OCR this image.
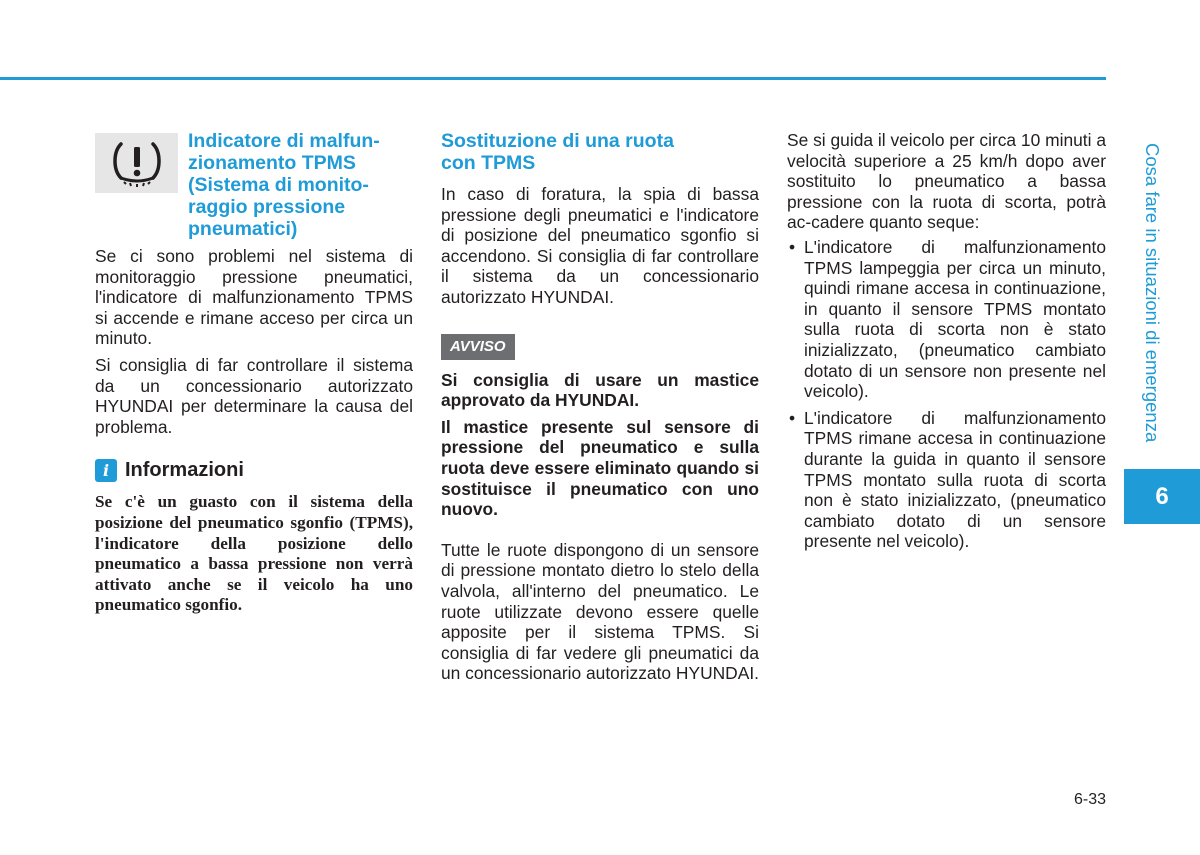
Indicatore di malfun-
zionamento TPMS
(Sistema di monito-
raggio pressione
pneumatici)

Se ci sono problemi nel sistema di monitoraggio pressione pneumatici, l'indicatore di malfunzionamento TPMS si accende e rimane acceso per circa un minuto.

Si consiglia di far controllare il sistema da un concessionario autorizzato HYUNDAI per determinare la causa del problema.

i Informazioni

Se c'è un guasto con il sistema della posizione del pneumatico sgonfio (TPMS), l'indicatore della posizione dello pneumatico a bassa pressione non verrà attivato anche se il veicolo ha uno pneumatico sgonfio.

Sostituzione di una ruota
con TPMS

In caso di foratura, la spia di bassa pressione degli pneumatici e l'indicatore di posizione del pneumatico sgonfio si accendono. Si consiglia di far controllare il sistema da un concessionario autorizzato HYUNDAI.

AVVISO

Si consiglia di usare un mastice approvato da HYUNDAI.

Il mastice presente sul sensore di pressione del pneumatico e sulla ruota deve essere eliminato quando si sostituisce il pneumatico con uno nuovo.

Tutte le ruote dispongono di un sensore di pressione montato dietro lo stelo della valvola, all'interno del pneumatico. Le ruote utilizzate devono essere quelle apposite per il sistema TPMS. Si consiglia di far vedere gli pneumatici da un concessionario autorizzato HYUNDAI.

Se si guida il veicolo per circa 10 minuti a velocità superiore a 25 km/h dopo aver sostituito lo pneumatico a bassa pressione con la ruota di scorta, potrà ac-cadere quanto seque:

• L'indicatore di malfunzionamento TPMS lampeggia per circa un minuto, quindi rimane accesa in continuazione, in quanto il sensore TPMS montato sulla ruota di scorta non è stato inizializzato, (pneumatico cambiato dotato di un sensore non presente nel veicolo).
• L'indicatore di malfunzionamento TPMS rimane accesa in continuazione durante la guida in quanto il sensore TPMS montato sulla ruota di scorta non è stato inizializzato, (pneumatico cambiato dotato di un sensore presente nel veicolo).
Cosa fare in situazioni di emergenza
6
6-33
